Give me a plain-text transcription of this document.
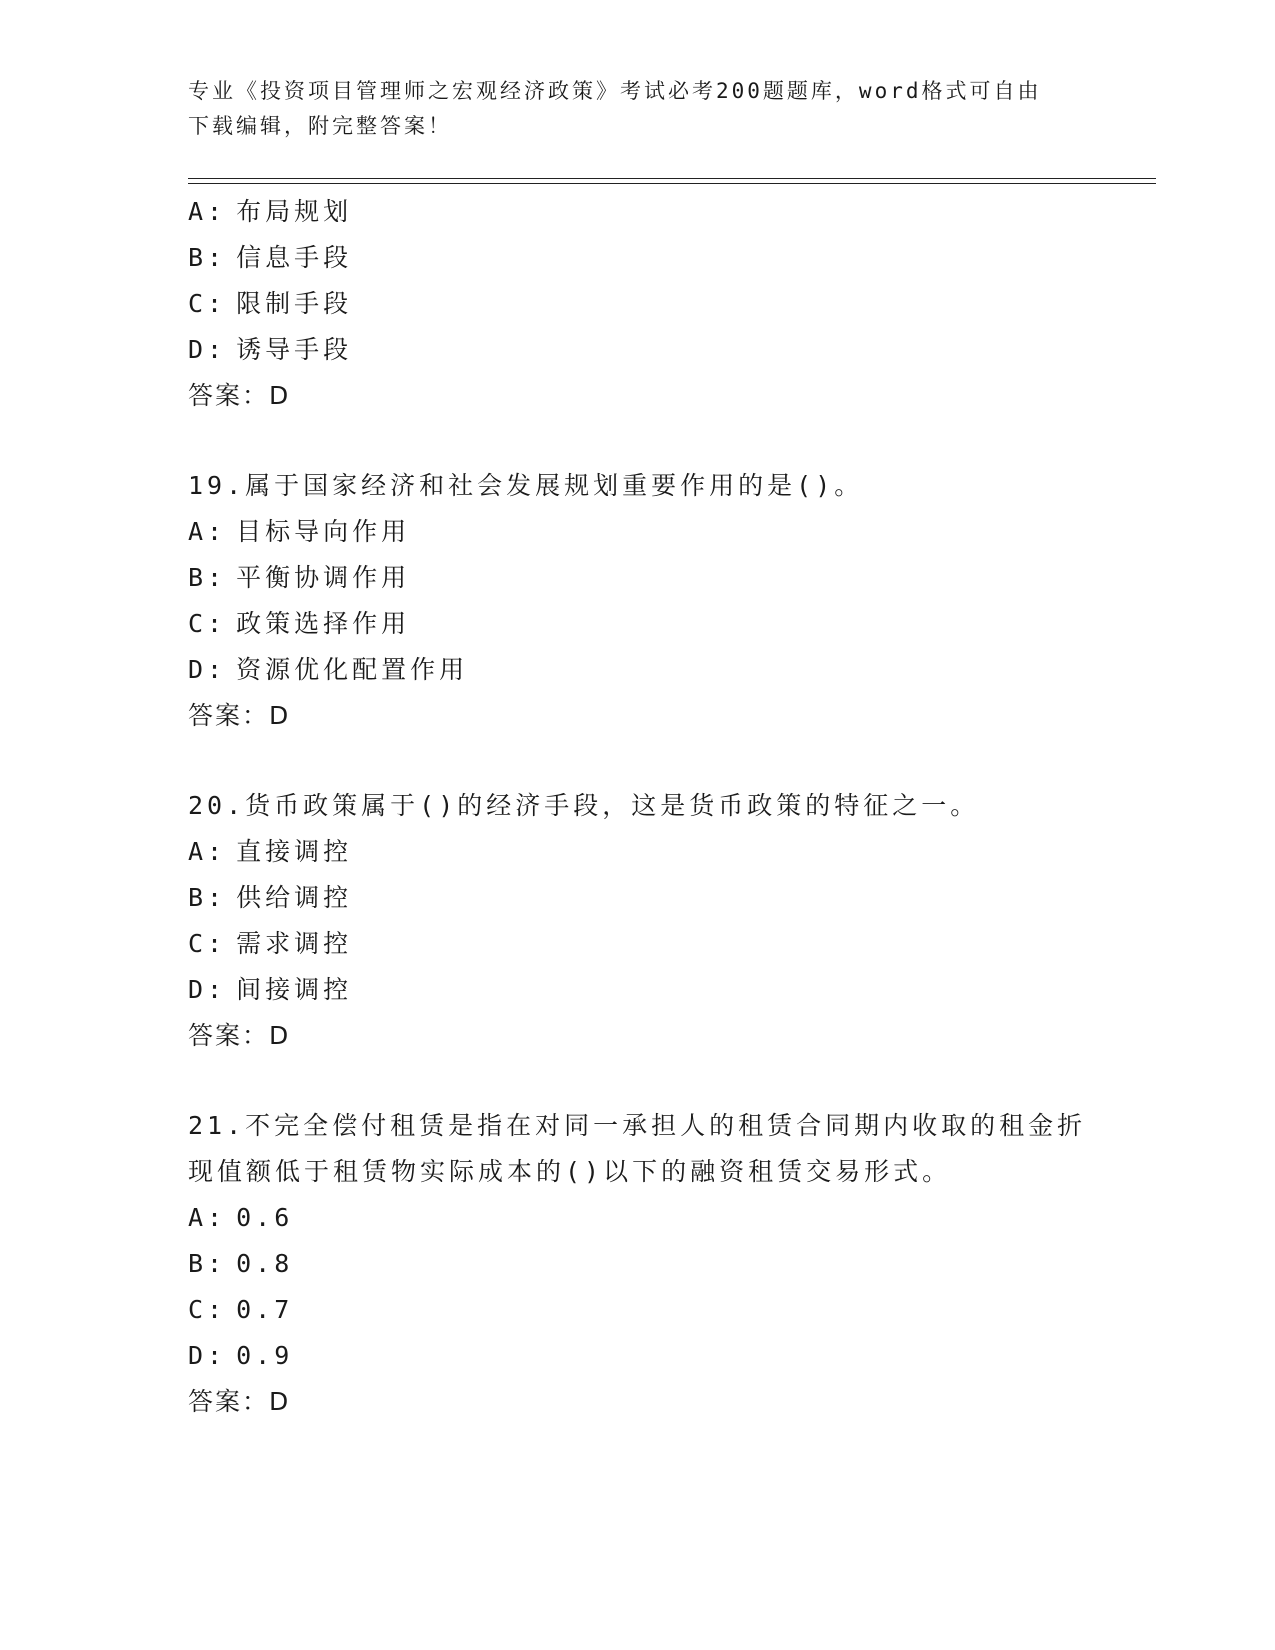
专业《投资项目管理师之宏观经济政策》考试必考200题题库，word格式可自由
下载编辑，附完整答案！
A: 布局规划
B: 信息手段
C: 限制手段
D: 诱导手段
答案：D
19.属于国家经济和社会发展规划重要作用的是()。
A: 目标导向作用
B: 平衡协调作用
C: 政策选择作用
D: 资源优化配置作用
答案：D
20.货币政策属于()的经济手段，这是货币政策的特征之一。
A: 直接调控
B: 供给调控
C: 需求调控
D: 间接调控
答案：D
21.不完全偿付租赁是指在对同一承担人的租赁合同期内收取的租金折
现值额低于租赁物实际成本的()以下的融资租赁交易形式。
A: 0.6
B: 0.8
C: 0.7
D: 0.9
答案：D
